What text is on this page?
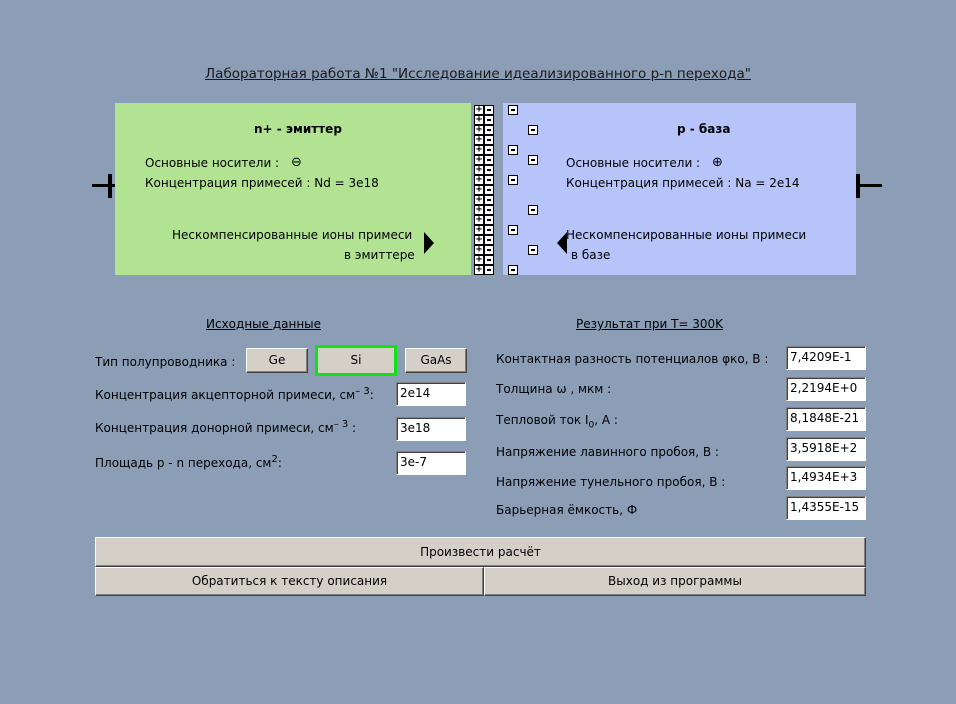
Лабораторная работа №1 "Исследование идеализированного p-n перехода"
n+ - эмиттер
Основные носители : ⊖
Концентрация примесей : Nd = 3e18
Нескомпенсированные ионы примеси
в эмиттере
+
+
+
+
+
+
+
+
+
+
+
+
+
+
+
+
+
p - база
Основные носители : ⊕
Концентрация примесей : Na = 2e14
Нескомпенсированные ионы примеси
в базе
Исходные данные
Тип полупроводника :	Ge	Si	GaAs
Концентрация акцепторной примеси, $см^{- 3}$:	2e14
Концентрация донорной примеси, $см^{- 3}$ :	3e18
Площадь p - n перехода, $см^2$:	3e-7
Результат при T= 300K
Контактная разность потенциалов φко, В :	7,4209E-1
Толщина ω , мкм :	2,2194E+0
Тепловой ток $I_0$, А :	8,1848E-21
Напряжение лавинного пробоя, В :	3,5918E+2
Напряжение тунельного пробоя, В :	1,4934E+3
Барьерная ёмкость, Ф	1,4355E-15
Произвести расчёт
Обратиться к тексту описания	Выход из программы
